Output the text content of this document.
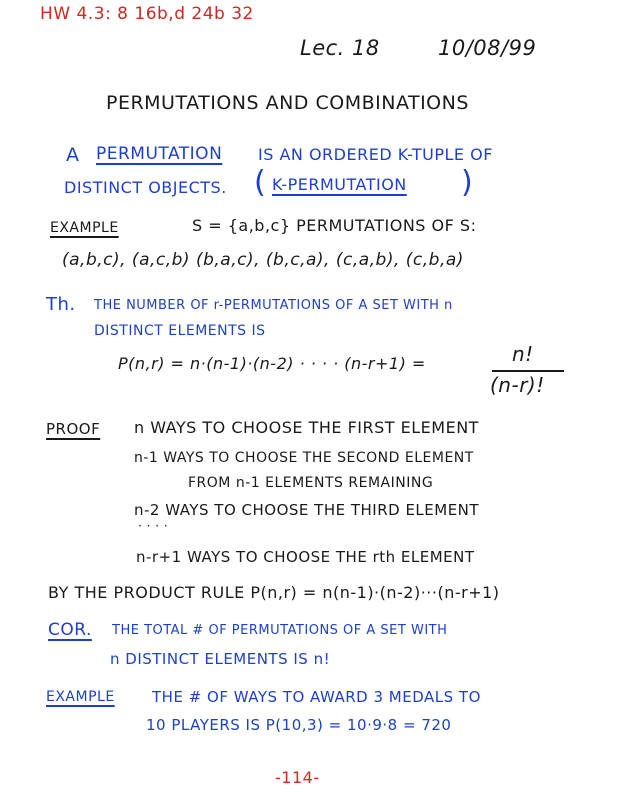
HW 4.3: 8 16b,d 24b 32
Lec. 18	10/08/99
PERMUTATIONS AND COMBINATIONS
A PERMUTATION IS AN ORDERED K-TUPLE OF
DISTINCT OBJECTS. ( K-PERMUTATION )
EXAMPLE	S = {a,b,c} PERMUTATIONS OF S:
(a,b,c), (a,c,b) (b,a,c), (b,c,a), (c,a,b), (c,b,a)
Th. THE NUMBER OF r-PERMUTATIONS OF A SET WITH n
DISTINCT ELEMENTS IS
P(n,r) = n·(n-1)·(n-2) · · · · (n-r+1) =	n!
(n-r)!
PROOF n WAYS TO CHOOSE THE FIRST ELEMENT
n-1 WAYS TO CHOOSE THE SECOND ELEMENT
FROM n-1 ELEMENTS REMAINING
n-2 WAYS TO CHOOSE THE THIRD ELEMENT
· · · ·
n-r+1 WAYS TO CHOOSE THE rth ELEMENT
BY THE PRODUCT RULE P(n,r) = n(n-1)·(n-2)···(n-r+1)
COR. THE TOTAL # OF PERMUTATIONS OF A SET WITH
n DISTINCT ELEMENTS IS n!
EXAMPLE THE # OF WAYS TO AWARD 3 MEDALS TO
10 PLAYERS IS P(10,3) = 10·9·8 = 720
-114-
